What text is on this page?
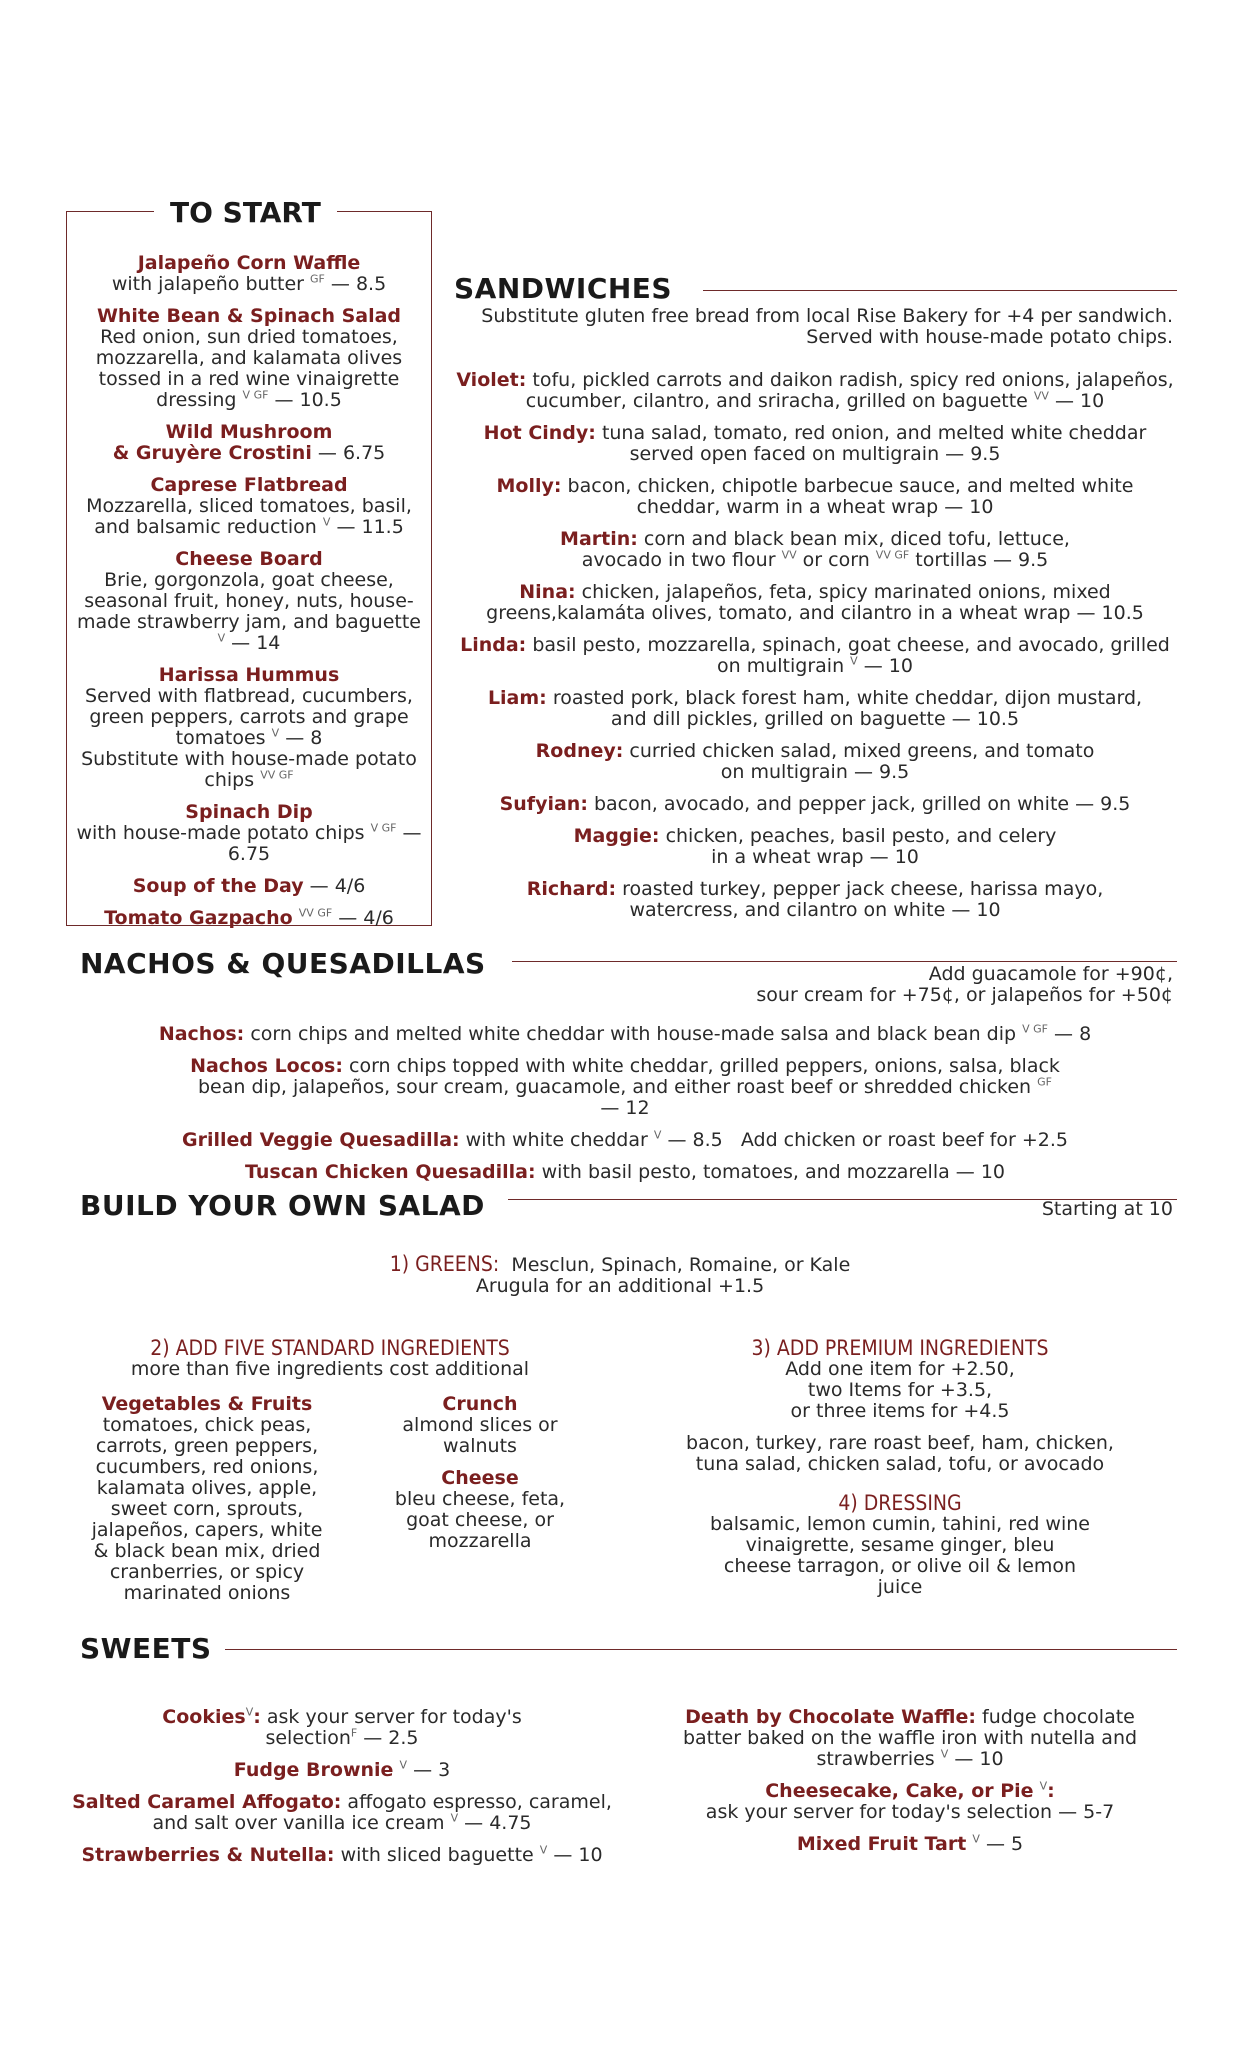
TO START
Jalapeño Corn Waffle
with jalapeño butter $^{GF}$ — 8.5
White Bean & Spinach Salad
Red onion, sun dried tomatoes, mozzarella, and kalamata olives tossed in a red wine vinaigrette dressing $^{V GF}$ — 10.5
Wild Mushroom
& Gruyère Crostini — 6.75
Caprese Flatbread
Mozzarella, sliced tomatoes, basil, and balsamic reduction $^V$ — 11.5
Cheese Board
Brie, gorgonzola, goat cheese, seasonal fruit, honey, nuts, house-made strawberry jam, and baguette $^V$ — 14
Harissa Hummus
Served with flatbread, cucumbers, green peppers, carrots and grape tomatoes $^V$ — 8
Substitute with house-made potato chips $^{VV GF}$
Spinach Dip
with house-made potato chips $^{V GF}$ — 6.75
Soup of the Day — 4/6
Tomato Gazpacho $^{VV GF}$ — 4/6
SANDWICHES
Substitute gluten free bread from local Rise Bakery for +4 per sandwich.
Served with house-made potato chips.
Violet: tofu, pickled carrots and daikon radish, spicy red onions, jalapeños, cucumber, cilantro, and sriracha, grilled on baguette $^{VV}$ — 10
Hot Cindy: tuna salad, tomato, red onion, and melted white cheddar served open faced on multigrain — 9.5
Molly: bacon, chicken, chipotle barbecue sauce, and melted white cheddar, warm in a wheat wrap — 10
Martin: corn and black bean mix, diced tofu, lettuce, avocado in two flour $^{VV}$ or corn $^{VV GF}$ tortillas — 9.5
Nina: chicken, jalapeños, feta, spicy marinated onions, mixed greens,kalamáta olives, tomato, and cilantro in a wheat wrap — 10.5
Linda: basil pesto, mozzarella, spinach, goat cheese, and avocado, grilled on multigrain $^V$ — 10
Liam: roasted pork, black forest ham, white cheddar, dijon mustard, and dill pickles, grilled on baguette — 10.5
Rodney: curried chicken salad, mixed greens, and tomato on multigrain — 9.5
Sufyian: bacon, avocado, and pepper jack, grilled on white — 9.5
Maggie: chicken, peaches, basil pesto, and celery in a wheat wrap — 10
Richard: roasted turkey, pepper jack cheese, harissa mayo, watercress, and cilantro on white — 10
NACHOS & QUESADILLAS	Add guacamole for +90¢,
sour cream for +75¢, or jalapeños for +50¢
Nachos: corn chips and melted white cheddar with house-made salsa and black bean dip $^{V GF}$ — 8
Nachos Locos: corn chips topped with white cheddar, grilled peppers, onions, salsa, black bean dip, jalapeños, sour cream, guacamole, and either roast beef or shredded chicken $^{GF}$ — 12
Grilled Veggie Quesadilla: with white cheddar $^V$ — 8.5 Add chicken or roast beef for +2.5
Tuscan Chicken Quesadilla: with basil pesto, tomatoes, and mozzarella — 10
BUILD YOUR OWN SALAD	Starting at 10
1) GREENS: Mesclun, Spinach, Romaine, or Kale
Arugula for an additional +1.5
2) ADD FIVE STANDARD INGREDIENTS
more than five ingredients cost additional
Vegetables & Fruits
tomatoes, chick peas, carrots, green peppers, cucumbers, red onions, kalamata olives, apple, sweet corn, sprouts, jalapeños, capers, white & black bean mix, dried cranberries, or spicy marinated onions
Crunch
almond slices or walnuts
Cheese
bleu cheese, feta, goat cheese, or mozzarella
3) ADD PREMIUM INGREDIENTS
Add one item for +2.50,
two Items for +3.5,
or three items for +4.5
bacon, turkey, rare roast beef, ham, chicken, tuna salad, chicken salad, tofu, or avocado
4) DRESSING
balsamic, lemon cumin, tahini, red wine vinaigrette, sesame ginger, bleu cheese tarragon, or olive oil & lemon juice
SWEETS
Cookies$^V$: ask your server for today's selection$^F$ — 2.5
Fudge Brownie $^V$ — 3
Salted Caramel Affogato: affogato espresso, caramel, and salt over vanilla ice cream $^V$ — 4.75
Strawberries & Nutella: with sliced baguette $^V$ — 10
Death by Chocolate Waffle: fudge chocolate batter baked on the waffle iron with nutella and strawberries $^V$ — 10
Cheesecake, Cake, or Pie $^V$:
ask your server for today's selection — 5-7
Mixed Fruit Tart $^V$ — 5
